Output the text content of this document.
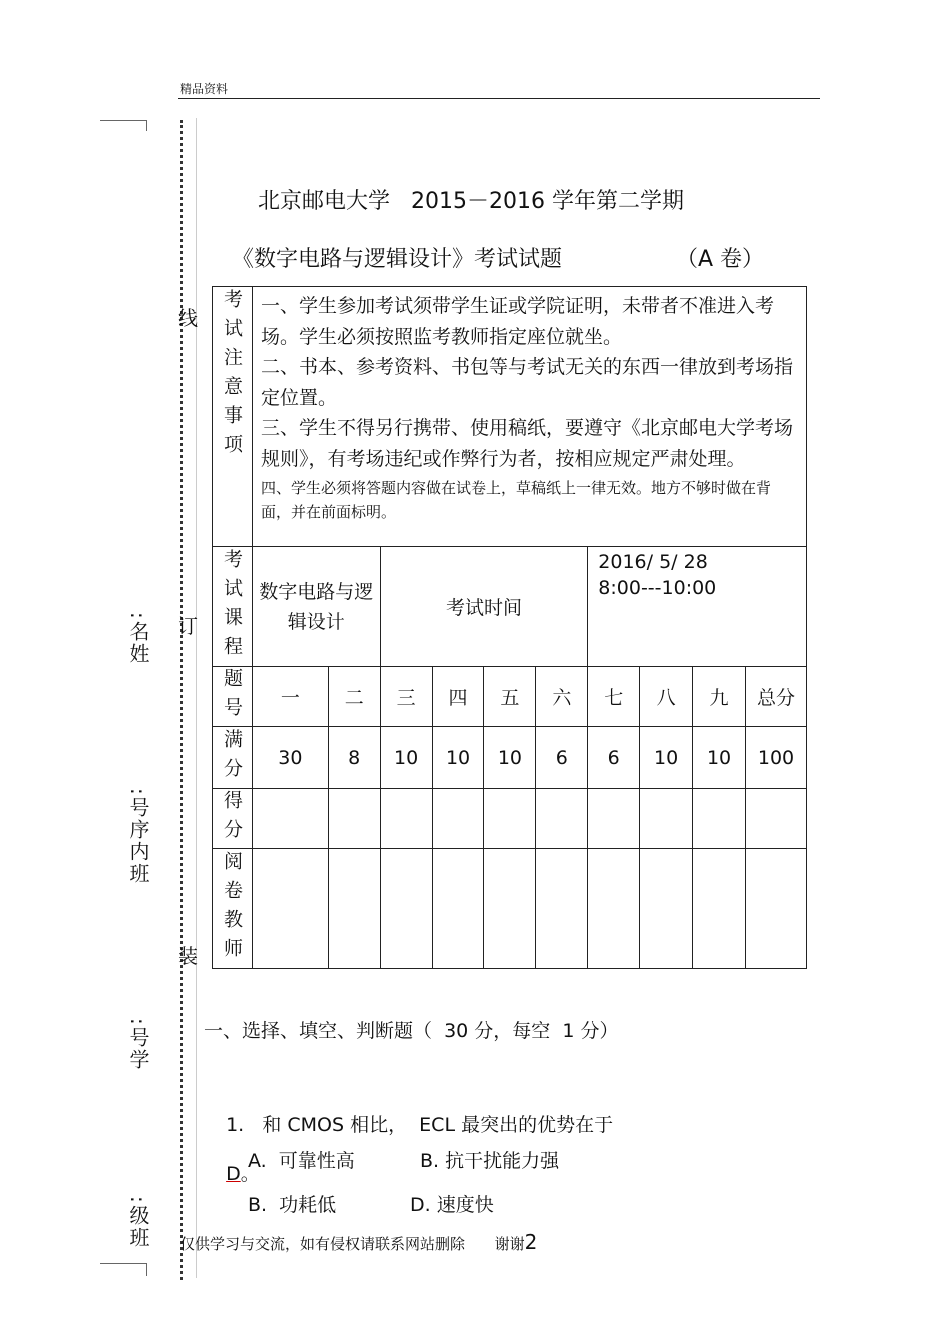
精品资料
线
订
装
:名姓
:号序内班
:号学
:级班
北京邮电大学   2015－2016 学年第二学期
《数字电路与逻辑设计》考试试题	（A 卷）
考试注意事项	一、学生参加考试须带学生证或学院证明，未带者不准进入考场。学生必须按照监考教师指定座位就坐。
二、书本、参考资料、书包等与考试无关的东西一律放到考场指定位置。
三、学生不得另行携带、使用稿纸，要遵守《北京邮电大学考场规则》，有考场违纪或作弊行为者，按相应规定严肃处理。
四、学生必须将答题内容做在试卷上，草稿纸上一律无效。地方不够时做在背面，并在前面标明。									

考试课程	数字电路与逻辑设计		考试时间				2016/ 5/ 28
8:00---10:00			

题号	一	二	三	四	五	六	七	八	九	总分

满分	30	8	10	10	10	6	6	10	10	100

得分										

阅卷教师										

一、选择、填空、判断题（  30 分，每空  1 分）

1.   和 CMOS 相比，  ECL 最突出的优势在于

D。

A.  可靠性高	B. 抗干扰能力强
B.  功耗低	D. 速度快
仅供学习与交流，如有侵权请联系网站删除 谢谢2
